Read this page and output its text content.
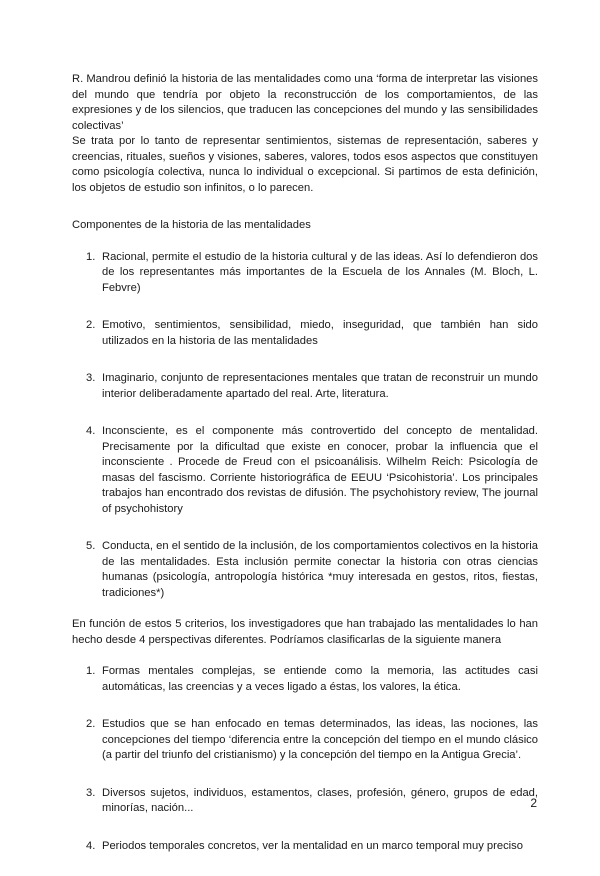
R. Mandrou definió la historia de las mentalidades como una ‘forma de interpretar las visiones del mundo que tendría por objeto la reconstrucción de los comportamientos, de las expresiones y de los silencios, que traducen las concepciones del mundo y las sensibilidades colectivas’

Se trata por lo tanto de representar sentimientos, sistemas de representación, saberes y creencias, rituales, sueños y visiones, saberes, valores, todos esos aspectos que constituyen como psicología colectiva, nunca lo individual o excepcional. Si partimos de esta definición, los objetos de estudio son infinitos, o lo parecen.

Componentes de la historia de las mentalidades

1. Racional, permite el estudio de la historia cultural y de las ideas. Así lo defendieron dos de los representantes más importantes de la Escuela de los Annales (M. Bloch, L. Febvre)
2. Emotivo, sentimientos, sensibilidad, miedo, inseguridad, que también han sido utilizados en la historia de las mentalidades
3. Imaginario, conjunto de representaciones mentales que tratan de reconstruir un mundo interior deliberadamente apartado del real. Arte, literatura.
4. Inconsciente, es el componente más controvertido del concepto de mentalidad. Precisamente por la dificultad que existe en conocer, probar la influencia que el inconsciente . Procede de Freud con el psicoanálisis. Wilhelm Reich: Psicología de masas del fascismo. Corriente historiográfica de EEUU ‘Psicohistoria’. Los principales trabajos han encontrado dos revistas de difusión. The psychohistory review, The journal of psychohistory
5. Conducta, en el sentido de la inclusión, de los comportamientos colectivos en la historia de las mentalidades. Esta inclusión permite conectar la historia con otras ciencias humanas (psicología, antropología histórica *muy interesada en gestos, ritos, fiestas, tradiciones*)

En función de estos 5 criterios, los investigadores que han trabajado las mentalidades lo han hecho desde 4 perspectivas diferentes. Podríamos clasificarlas de la siguiente manera

1. Formas mentales complejas, se entiende como la memoria, las actitudes casi automáticas, las creencias y a veces ligado a éstas, los valores, la ética.
2. Estudios que se han enfocado en temas determinados, las ideas, las nociones, las concepciones del tiempo ‘diferencia entre la concepción del tiempo en el mundo clásico (a partir del triunfo del cristianismo) y la concepción del tiempo en la Antigua Grecia’.
3. Diversos sujetos, individuos, estamentos, clases, profesión, género, grupos de edad, minorías, nación...
4. Periodos temporales concretos, ver la mentalidad en un marco temporal muy preciso
2
